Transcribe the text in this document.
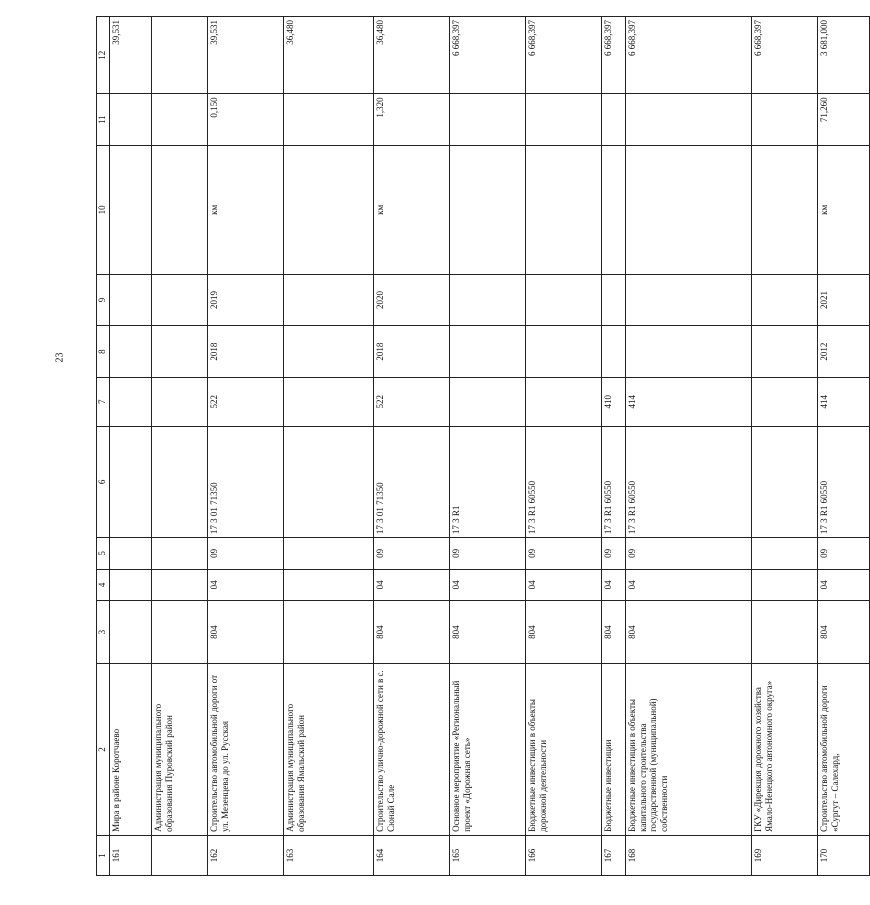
23
1	2	3	4	5	6	7	8	9	10	11	12
161	Мира в районе Коротчаево										39,531
	Администрация муниципального образования Пуровский район										
162	Строительство автомобильной дороги от ул. Мезенцева до ул. Русская	804	04	09	17 3 01 71350	522	2018	2019	км	0,150	39,531
163	Администрация муниципального образования Ямальский район										36,480
164	Строительство улично-дорожной сети в с. Сюнай Сале	804	04	09	17 3 01 71350	522	2018	2020	км	1,320	36,480
165	Основное мероприятие «Региональный проект «Дорожная сеть»	804	04	09	17 3 R1						6 668,397
166	Бюджетные инвестиции в объекты дорожной деятельности	804	04	09	17 3 R1 60550						6 668,397
167	Бюджетные инвестиции	804	04	09	17 3 R1 60550	410					6 668,397
168	Бюджетные инвестиции в объекты капитального строительства государственной (муниципальной) собственности	804	04	09	17 3 R1 60550	414					6 668,397
169	ГКУ «Дирекция дорожного хозяйства Ямало-Ненецкого автономного округа»										6 668,397
170	Строительство автомобильной дороги «Сургут – Салехард,	804	04	09	17 3 R1 60550	414	2012	2021	км	71,260	3 681,000
